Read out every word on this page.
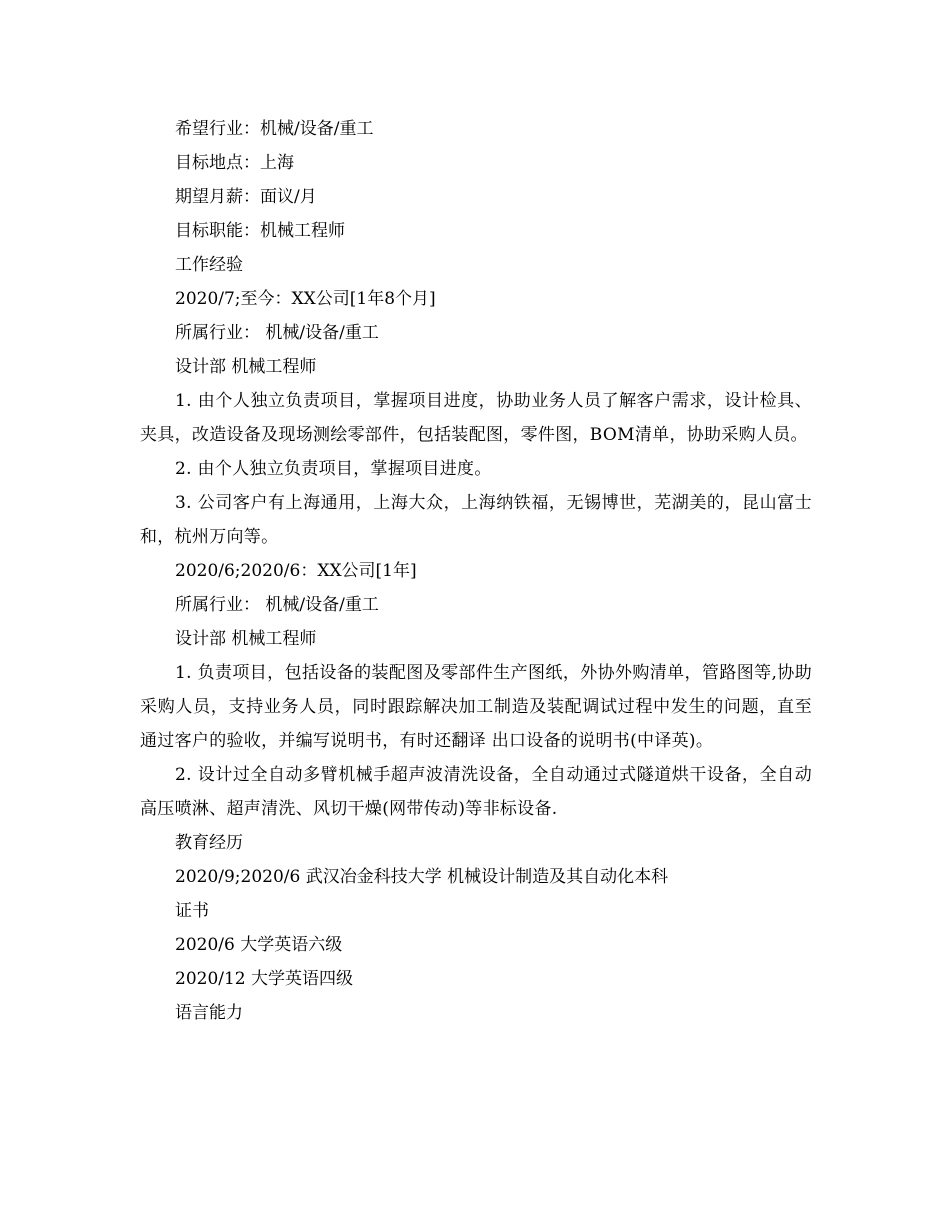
希望行业：机械/设备/重工

目标地点：上海

期望月薪：面议/月

目标职能：机械工程师

工作经验

2020/7;至今：XX公司[1年8个月]

所属行业： 机械/设备/重工

设计部 机械工程师

1. 由个人独立负责项目，掌握项目进度，协助业务人员了解客户需求，设计检具、夹具，改造设备及现场测绘零部件，包括装配图，零件图，BOM清单，协助采购人员。

2. 由个人独立负责项目，掌握项目进度。

3. 公司客户有上海通用，上海大众，上海纳铁福，无锡博世，芜湖美的，昆山富士和，杭州万向等。

2020/6;2020/6：XX公司[1年]

所属行业： 机械/设备/重工

设计部 机械工程师

1. 负责项目，包括设备的装配图及零部件生产图纸，外协外购清单，管路图等,协助采购人员，支持业务人员，同时跟踪解决加工制造及装配调试过程中发生的问题，直至通过客户的验收，并编写说明书，有时还翻译 出口设备的说明书(中译英)。

2. 设计过全自动多臂机械手超声波清洗设备，全自动通过式隧道烘干设备，全自动高压喷淋、超声清洗、风切干燥(网带传动)等非标设备.

教育经历

2020/9;2020/6 武汉冶金科技大学 机械设计制造及其自动化本科

证书

2020/6 大学英语六级

2020/12 大学英语四级

语言能力
